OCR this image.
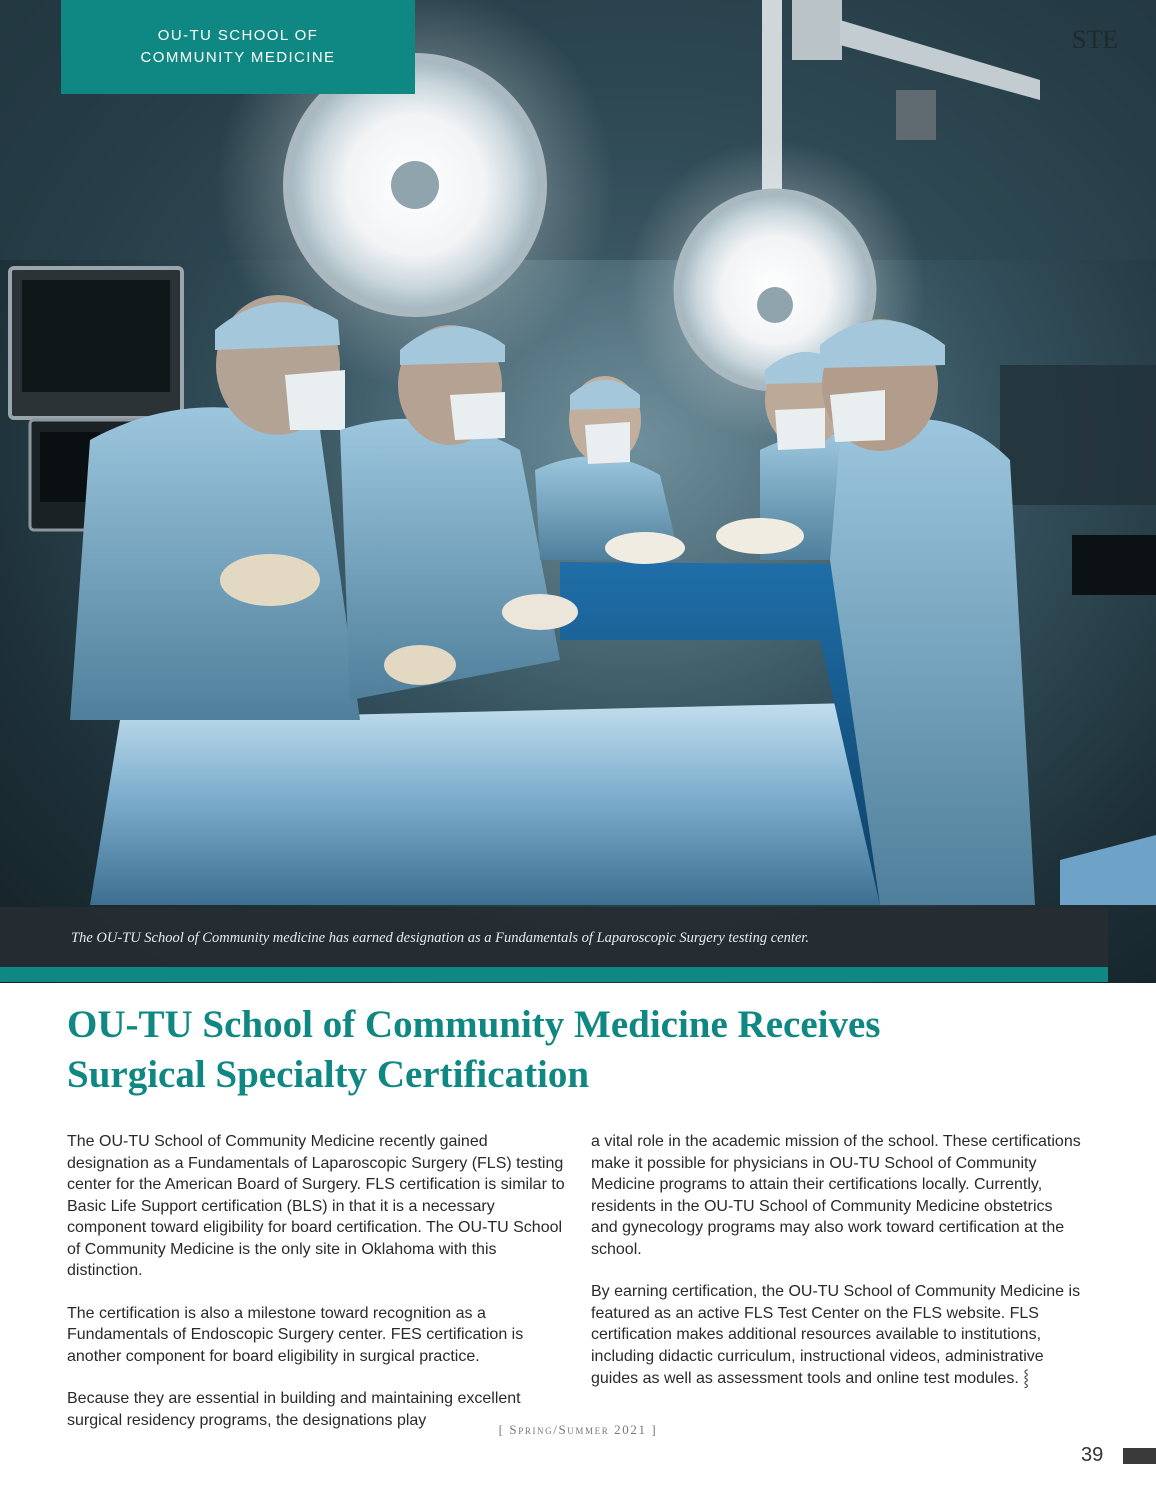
STE
OU-TU SCHOOL OF
COMMUNITY MEDICINE
The OU-TU School of Community medicine has earned designation as a Fundamentals of Laparoscopic Surgery testing center.
OU-TU School of Community Medicine Receives
Surgical Specialty Certification

The OU-TU School of Community Medicine recently gained designation as a Fundamentals of Laparoscopic Surgery (FLS) testing center for the American Board of Surgery. FLS certification is similar to Basic Life Support certification (BLS) in that it is a necessary component toward eligibility for board certification. The OU-TU School of Community Medicine is the only site in Oklahoma with this distinction.

The certification is also a milestone toward recognition as a Fundamentals of Endoscopic Surgery center. FES certification is another component for board eligibility in surgical practice.

Because they are essential in building and maintaining excellent surgical residency programs, the designations play

a vital role in the academic mission of the school. These certifications make it possible for physicians in OU-TU School of Community Medicine programs to attain their certifications locally. Currently, residents in the OU-TU School of Community Medicine obstetrics and gynecology programs may also work toward certification at the school.

By earning certification, the OU-TU School of Community Medicine is featured as an active FLS Test Center on the FLS website. FLS certification makes additional resources available to institutions, including didactic curriculum, instructional videos, administrative guides as well as assessment tools and online test modules. ⸾

[ Spring/Summer 2021 ]
39
